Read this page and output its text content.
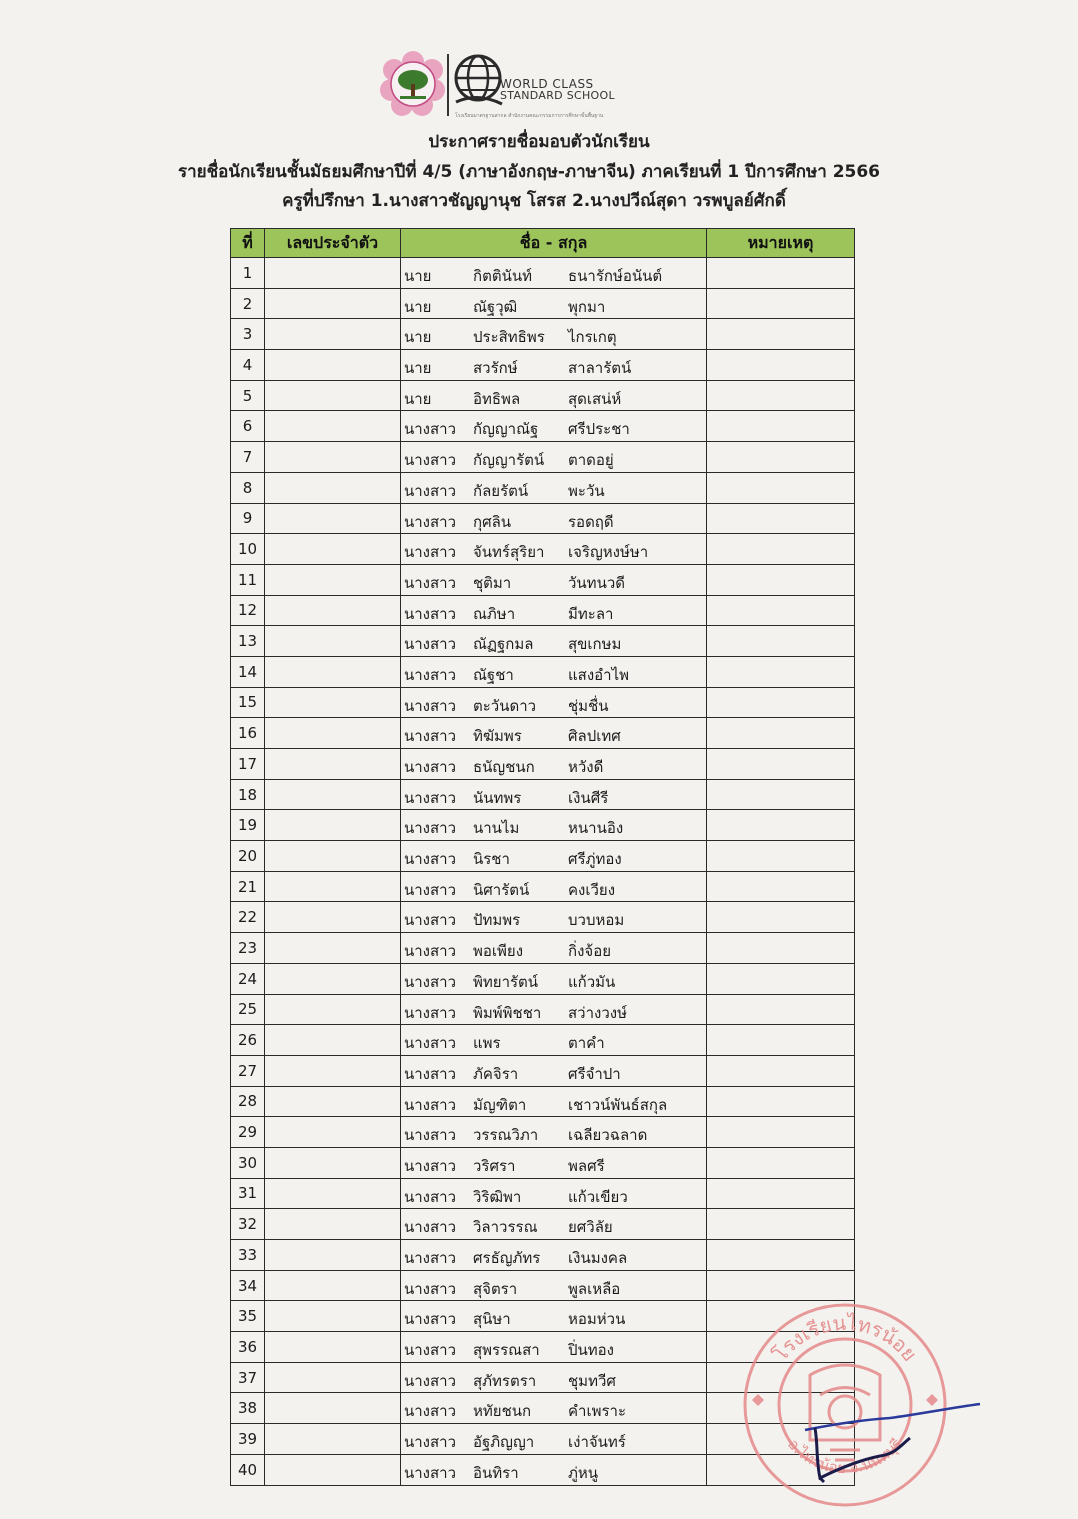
WORLD CLASS
STANDARD SCHOOL
โรงเรียนมาตรฐานสากล สำนักงานคณะกรรมการการศึกษาขั้นพื้นฐาน
ประกาศรายชื่อมอบตัวนักเรียน
รายชื่อนักเรียนชั้นมัธยมศึกษาปีที่ 4/5 (ภาษาอังกฤษ-ภาษาจีน) ภาคเรียนที่ 1 ปีการศึกษา 2566
ครูที่ปรึกษา 1.นางสาวชัญญานุช โสรส 2.นางปวีณ์สุดา วรพบูลย์ศักดิ์
ที่	เลขประจำตัว	ชื่อ - สกุล	หมายเหตุ
1		นาย กิตตินันท์ ธนารักษ์อนันต์	

2		นาย ณัฐวุฒิ พุกมา	

3		นาย ประสิทธิพร ไกรเกตุ	

4		นาย สวรักษ์ สาลารัตน์	

5		นาย อิทธิพล สุดเสน่ห์	

6		นางสาว กัญญาณัฐ ศรีประชา	

7		นางสาว กัญญารัตน์ ตาดอยู่	

8		นางสาว กัลยรัตน์ พะวัน	

9		นางสาว กุศลิน รอดฤดี	

10		นางสาว จันทร์สุริยา เจริญหงษ์ษา	

11		นางสาว ชุติมา วันทนวดี	

12		นางสาว ณภิษา มีทะลา	

13		นางสาว ณัฏฐกมล สุขเกษม	

14		นางสาว ณัฐชา แสงอำไพ	

15		นางสาว ตะวันดาว ชุ่มชื่น	

16		นางสาว ทิฆัมพร ศิลปเทศ	

17		นางสาว ธนัญชนก หวังดี	

18		นางสาว นันทพร เงินศีรี	

19		นางสาว นานไม หนานอิง	

20		นางสาว นิรชา ศรีภู่ทอง	

21		นางสาว นิศารัตน์ คงเวียง	

22		นางสาว ปัทมพร บวบหอม	

23		นางสาว พอเพียง กิ่งจ้อย	

24		นางสาว พิทยารัตน์ แก้วมัน	

25		นางสาว พิมพ์พิชชา สว่างวงษ์	

26		นางสาว แพร ตาคำ	

27		นางสาว ภัคจิรา ศรีจำปา	

28		นางสาว มัญฑิตา เชาวน์พันธ์สกุล	

29		นางสาว วรรณวิภา เฉลียวฉลาด	

30		นางสาว วริศรา พลศรี	

31		นางสาว วิริฒิพา แก้วเขียว	

32		นางสาว วิลาวรรณ ยศวิลัย	

33		นางสาว ศรธัญภัทร เงินมงคล	

34		นางสาว สุจิตรา พูลเหลือ	

35		นางสาว สุนิษา หอมห่วน	

36		นางสาว สุพรรณสา ปิ่นทอง	

37		นางสาว สุภัทรตรา ชุมทวีศ	

38		นางสาว หทัยชนก คำเพราะ	

39		นางสาว อัฐภิญญา เง่าจันทร์	

40		นางสาว อินทิรา ภู่หนู	

โรงเรียนไทรน้อย
อ.ไทรน้อย จ.นนทบุรี
